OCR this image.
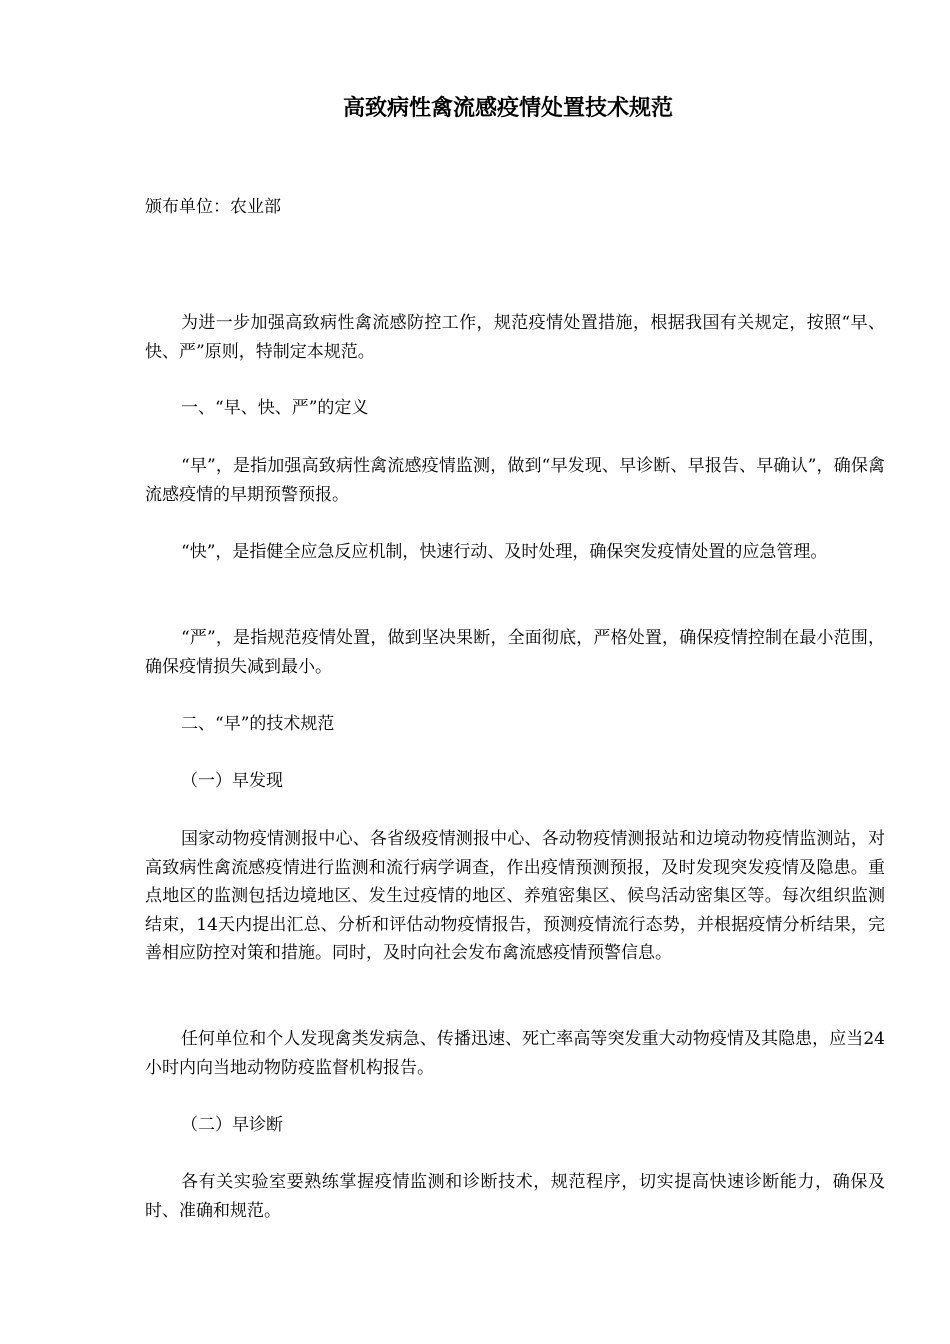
高致病性禽流感疫情处置技术规范
颁布单位：农业部

为进一步加强高致病性禽流感防控工作，规范疫情处置措施，根据我国有关规定，按照“早、快、严”原则，特制定本规范。

一、“早、快、严”的定义

“早”，是指加强高致病性禽流感疫情监测，做到“早发现、早诊断、早报告、早确认”，确保禽流感疫情的早期预警预报。

“快”，是指健全应急反应机制，快速行动、及时处理，确保突发疫情处置的应急管理。

“严”，是指规范疫情处置，做到坚决果断，全面彻底，严格处置，确保疫情控制在最小范围，确保疫情损失减到最小。

二、“早”的技术规范

（一）早发现

国家动物疫情测报中心、各省级疫情测报中心、各动物疫情测报站和边境动物疫情监测站，对高致病性禽流感疫情进行监测和流行病学调查，作出疫情预测预报，及时发现突发疫情及隐患。重点地区的监测包括边境地区、发生过疫情的地区、养殖密集区、候鸟活动密集区等。每次组织监测结束，14天内提出汇总、分析和评估动物疫情报告，预测疫情流行态势，并根据疫情分析结果，完善相应防控对策和措施。同时，及时向社会发布禽流感疫情预警信息。

任何单位和个人发现禽类发病急、传播迅速、死亡率高等突发重大动物疫情及其隐患，应当24小时内向当地动物防疫监督机构报告。

（二）早诊断

各有关实验室要熟练掌握疫情监测和诊断技术，规范程序，切实提高快速诊断能力，确保及时、准确和规范。
